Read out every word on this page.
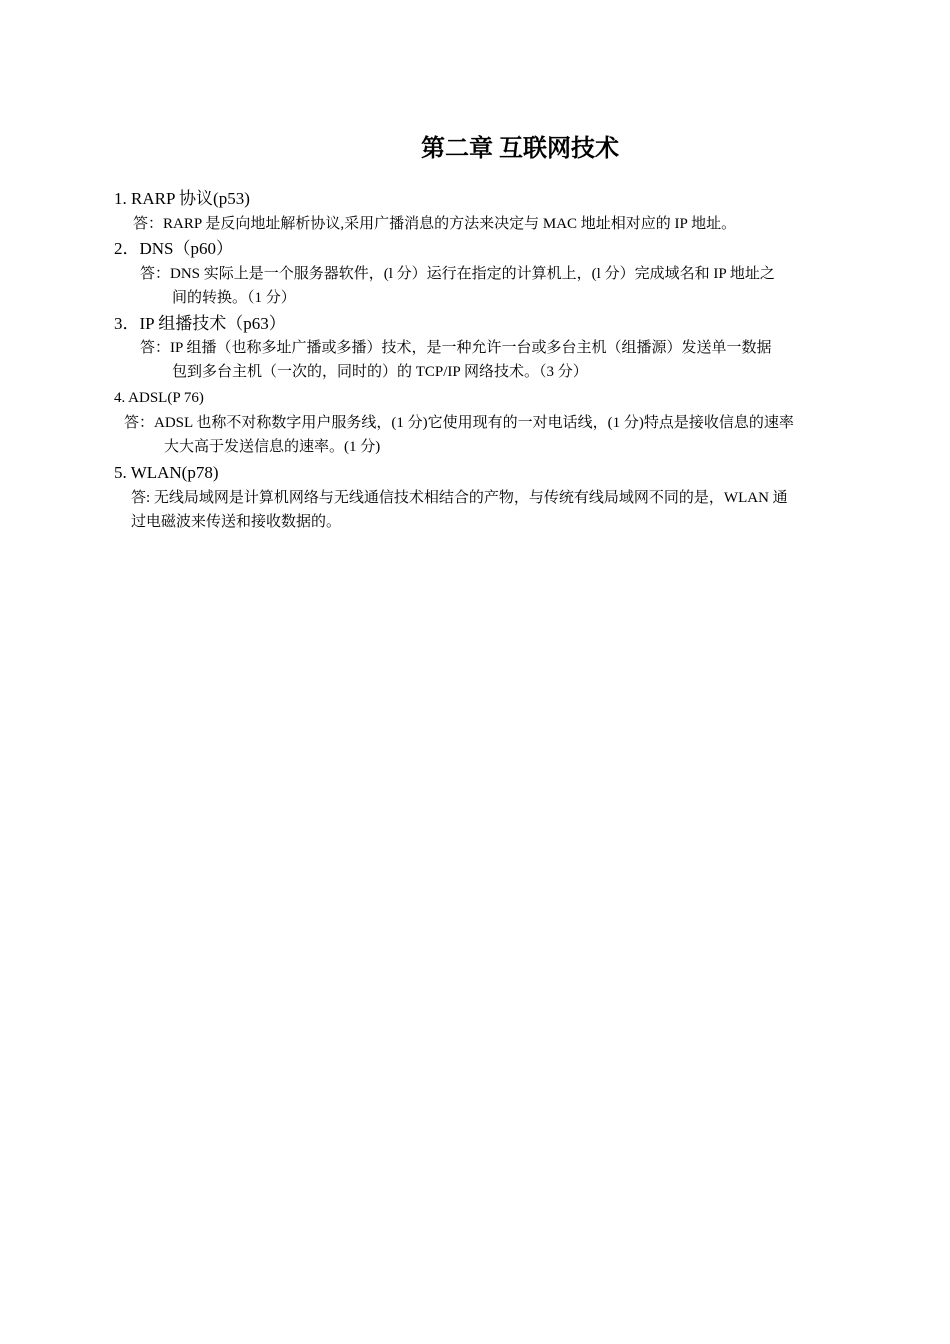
第二章 互联网技术
1. RARP 协议(p53)
答：RARP 是反向地址解析协议,采用广播消息的方法来决定与 MAC 地址相对应的 IP 地址。
2．DNS（p60）
答：DNS 实际上是一个服务器软件，(l 分）运行在指定的计算机上，(l 分）完成域名和 IP 地址之
间的转换。（1 分）
3．IP 组播技术（p63）
答：IP 组播（也称多址广播或多播）技术，是一种允许一台或多台主机（组播源）发送单一数据
包到多台主机（一次的，同时的）的 TCP/IP 网络技术。（3 分）
4. ADSL(P 76)
答：ADSL 也称不对称数字用户服务线，(1 分)它使用现有的一对电话线，(1 分)特点是接收信息的速率
大大高于发送信息的速率。(1 分)
5. WLAN(p78)
答: 无线局域网是计算机网络与无线通信技术相结合的产物，与传统有线局域网不同的是，WLAN 通
过电磁波来传送和接收数据的。
